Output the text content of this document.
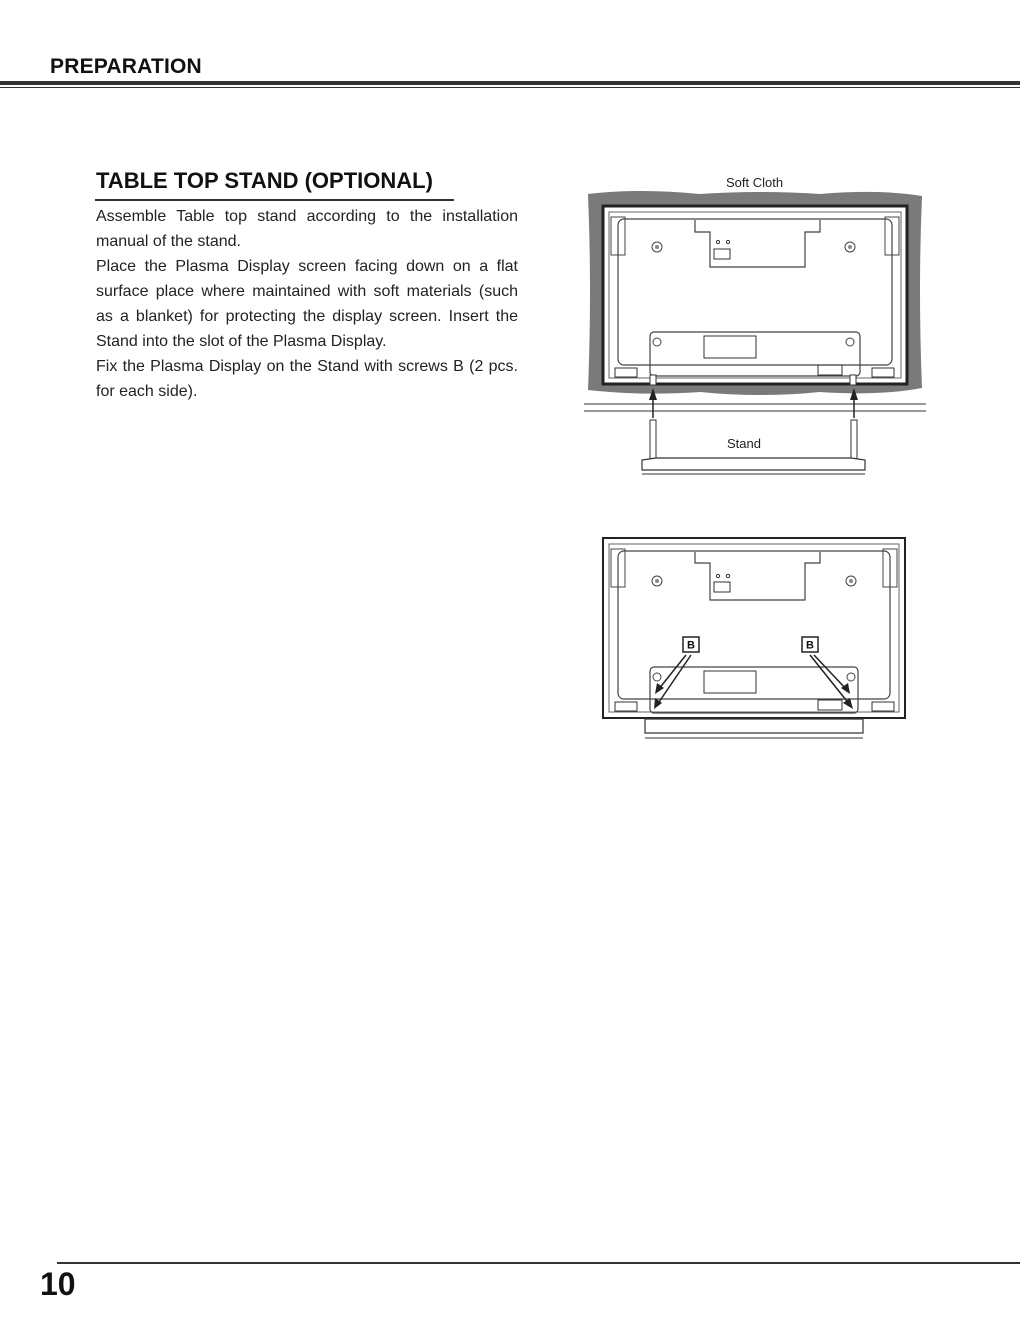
PREPARATION
TABLE TOP STAND (OPTIONAL)

Assemble Table top stand according to the installation manual of the stand.

Place the Plasma Display screen facing down on a flat surface place where maintained with soft materials (such as a blanket) for protecting the display screen. Insert the Stand into the slot of the Plasma Display.

Fix the Plasma Display on the Stand with screws B (2 pcs. for each side).

Soft Cloth
Stand
B	B
10
